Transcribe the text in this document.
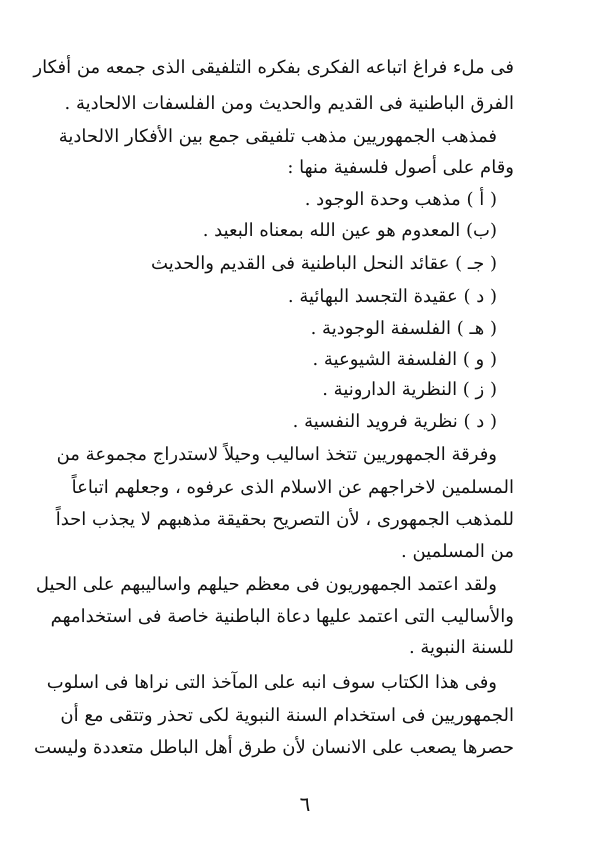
فى ملء فراغ اتباعه الفكرى بفكره التلفيقى الذى جمعه من أفكار
الفرق الباطنية فى القديم والحديث ومن الفلسفات الالحادية .
فمذهب الجمهوريين مذهب تلفيقى جمع بين الأفكار الالحادية
وقام على أصول فلسفية منها :
( أ ) مذهب وحدة الوجود .
(ب) المعدوم هو عين الله بمعناه البعيد .
( جـ ) عقائد النحل الباطنية فى القديم والحديث
( د ) عقيدة التجسد البهائية .
( هـ ) الفلسفة الوجودية .
( و ) الفلسفة الشيوعية .
( ز ) النظرية الدارونية .
( د ) نظرية فرويد النفسية .
وفرقة الجمهوريين تتخذ اساليب وحيلاً لاستدراج مجموعة من
المسلمين لاخراجهم عن الاسلام الذى عرفوه ، وجعلهم اتباعاً
للمذهب الجمهورى ، لأن التصريح بحقيقة مذهبهم لا يجذب احداً
من المسلمين .
ولقد اعتمد الجمهوريون فى معظم حيلهم واساليبهم على الحيل
والأساليب التى اعتمد عليها دعاة الباطنية خاصة فى استخدامهم
للسنة النبوية .
وفى هذا الكتاب سوف انبه على المآخذ التى نراها فى اسلوب
الجمهوريين فى استخدام السنة النبوية لكى تحذر وتتقى مع أن
حصرها يصعب على الانسان لأن طرق أهل الباطل متعددة وليست
٦
